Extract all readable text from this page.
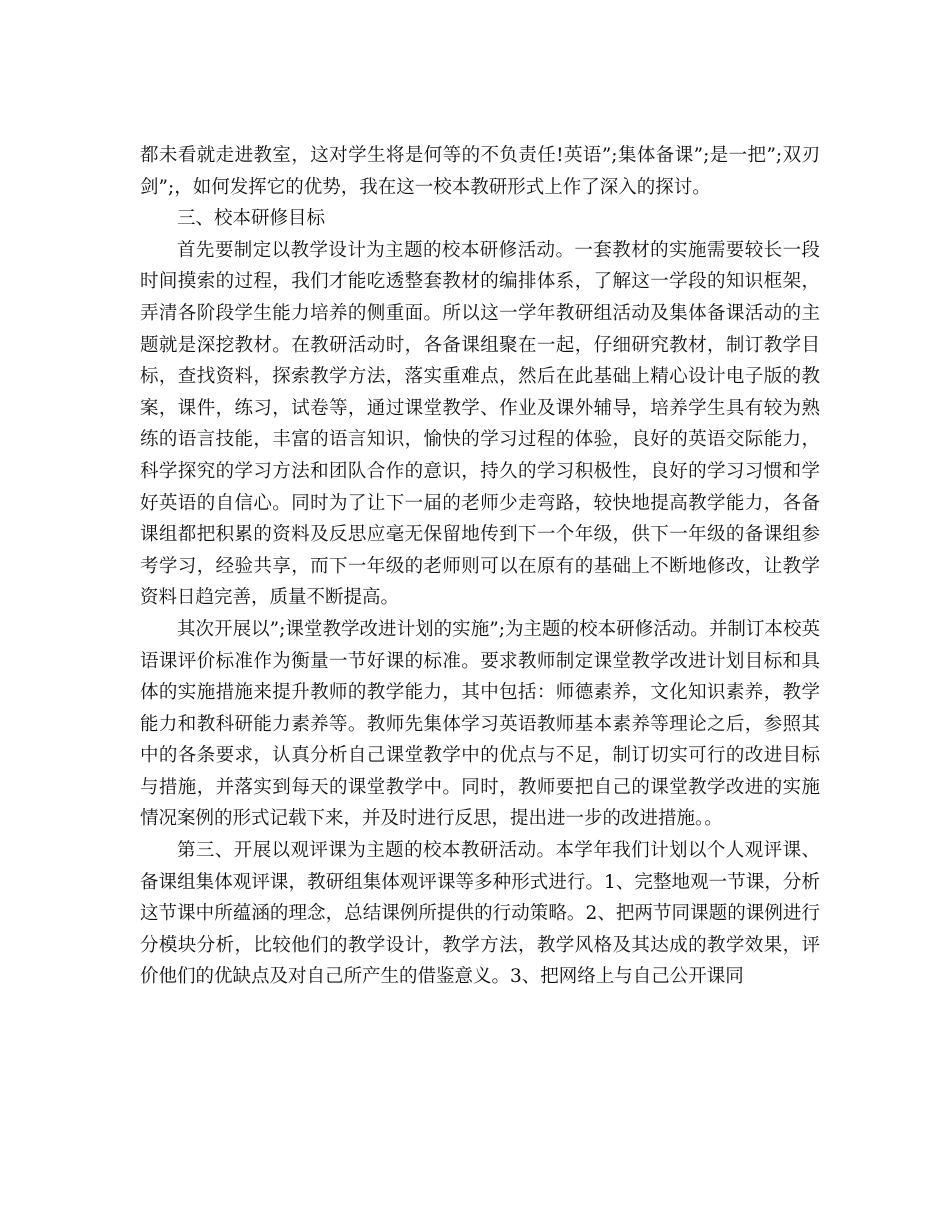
都未看就走进教室，这对学生将是何等的不负责任!英语”;集体备课”;是一把”;双刃剑”;，如何发挥它的优势，我在这一校本教研形式上作了深入的探讨。

三、校本研修目标

首先要制定以教学设计为主题的校本研修活动。一套教材的实施需要较长一段时间摸索的过程，我们才能吃透整套教材的编排体系，了解这一学段的知识框架，弄清各阶段学生能力培养的侧重面。所以这一学年教研组活动及集体备课活动的主题就是深挖教材。在教研活动时，各备课组聚在一起，仔细研究教材，制订教学目标，查找资料，探索教学方法，落实重难点，然后在此基础上精心设计电子版的教案，课件，练习，试卷等，通过课堂教学、作业及课外辅导，培养学生具有较为熟练的语言技能，丰富的语言知识，愉快的学习过程的体验，良好的英语交际能力，科学探究的学习方法和团队合作的意识，持久的学习积极性，良好的学习习惯和学好英语的自信心。同时为了让下一届的老师少走弯路，较快地提高教学能力，各备课组都把积累的资料及反思应毫无保留地传到下一个年级，供下一年级的备课组参考学习，经验共享，而下一年级的老师则可以在原有的基础上不断地修改，让教学资料日趋完善，质量不断提高。

其次开展以”;课堂教学改进计划的实施”;为主题的校本研修活动。并制订本校英语课评价标准作为衡量一节好课的标准。要求教师制定课堂教学改进计划目标和具体的实施措施来提升教师的教学能力，其中包括：师德素养，文化知识素养，教学能力和教科研能力素养等。教师先集体学习英语教师基本素养等理论之后，参照其中的各条要求，认真分析自己课堂教学中的优点与不足，制订切实可行的改进目标与措施，并落实到每天的课堂教学中。同时，教师要把自己的课堂教学改进的实施情况案例的形式记载下来，并及时进行反思，提出进一步的改进措施。。

第三、开展以观评课为主题的校本教研活动。本学年我们计划以个人观评课、备课组集体观评课，教研组集体观评课等多种形式进行。1、完整地观一节课，分析这节课中所蕴涵的理念，总结课例所提供的行动策略。2、把两节同课题的课例进行分模块分析，比较他们的教学设计，教学方法，教学风格及其达成的教学效果，评价他们的优缺点及对自己所产生的借鉴意义。3、把网络上与自己公开课同
